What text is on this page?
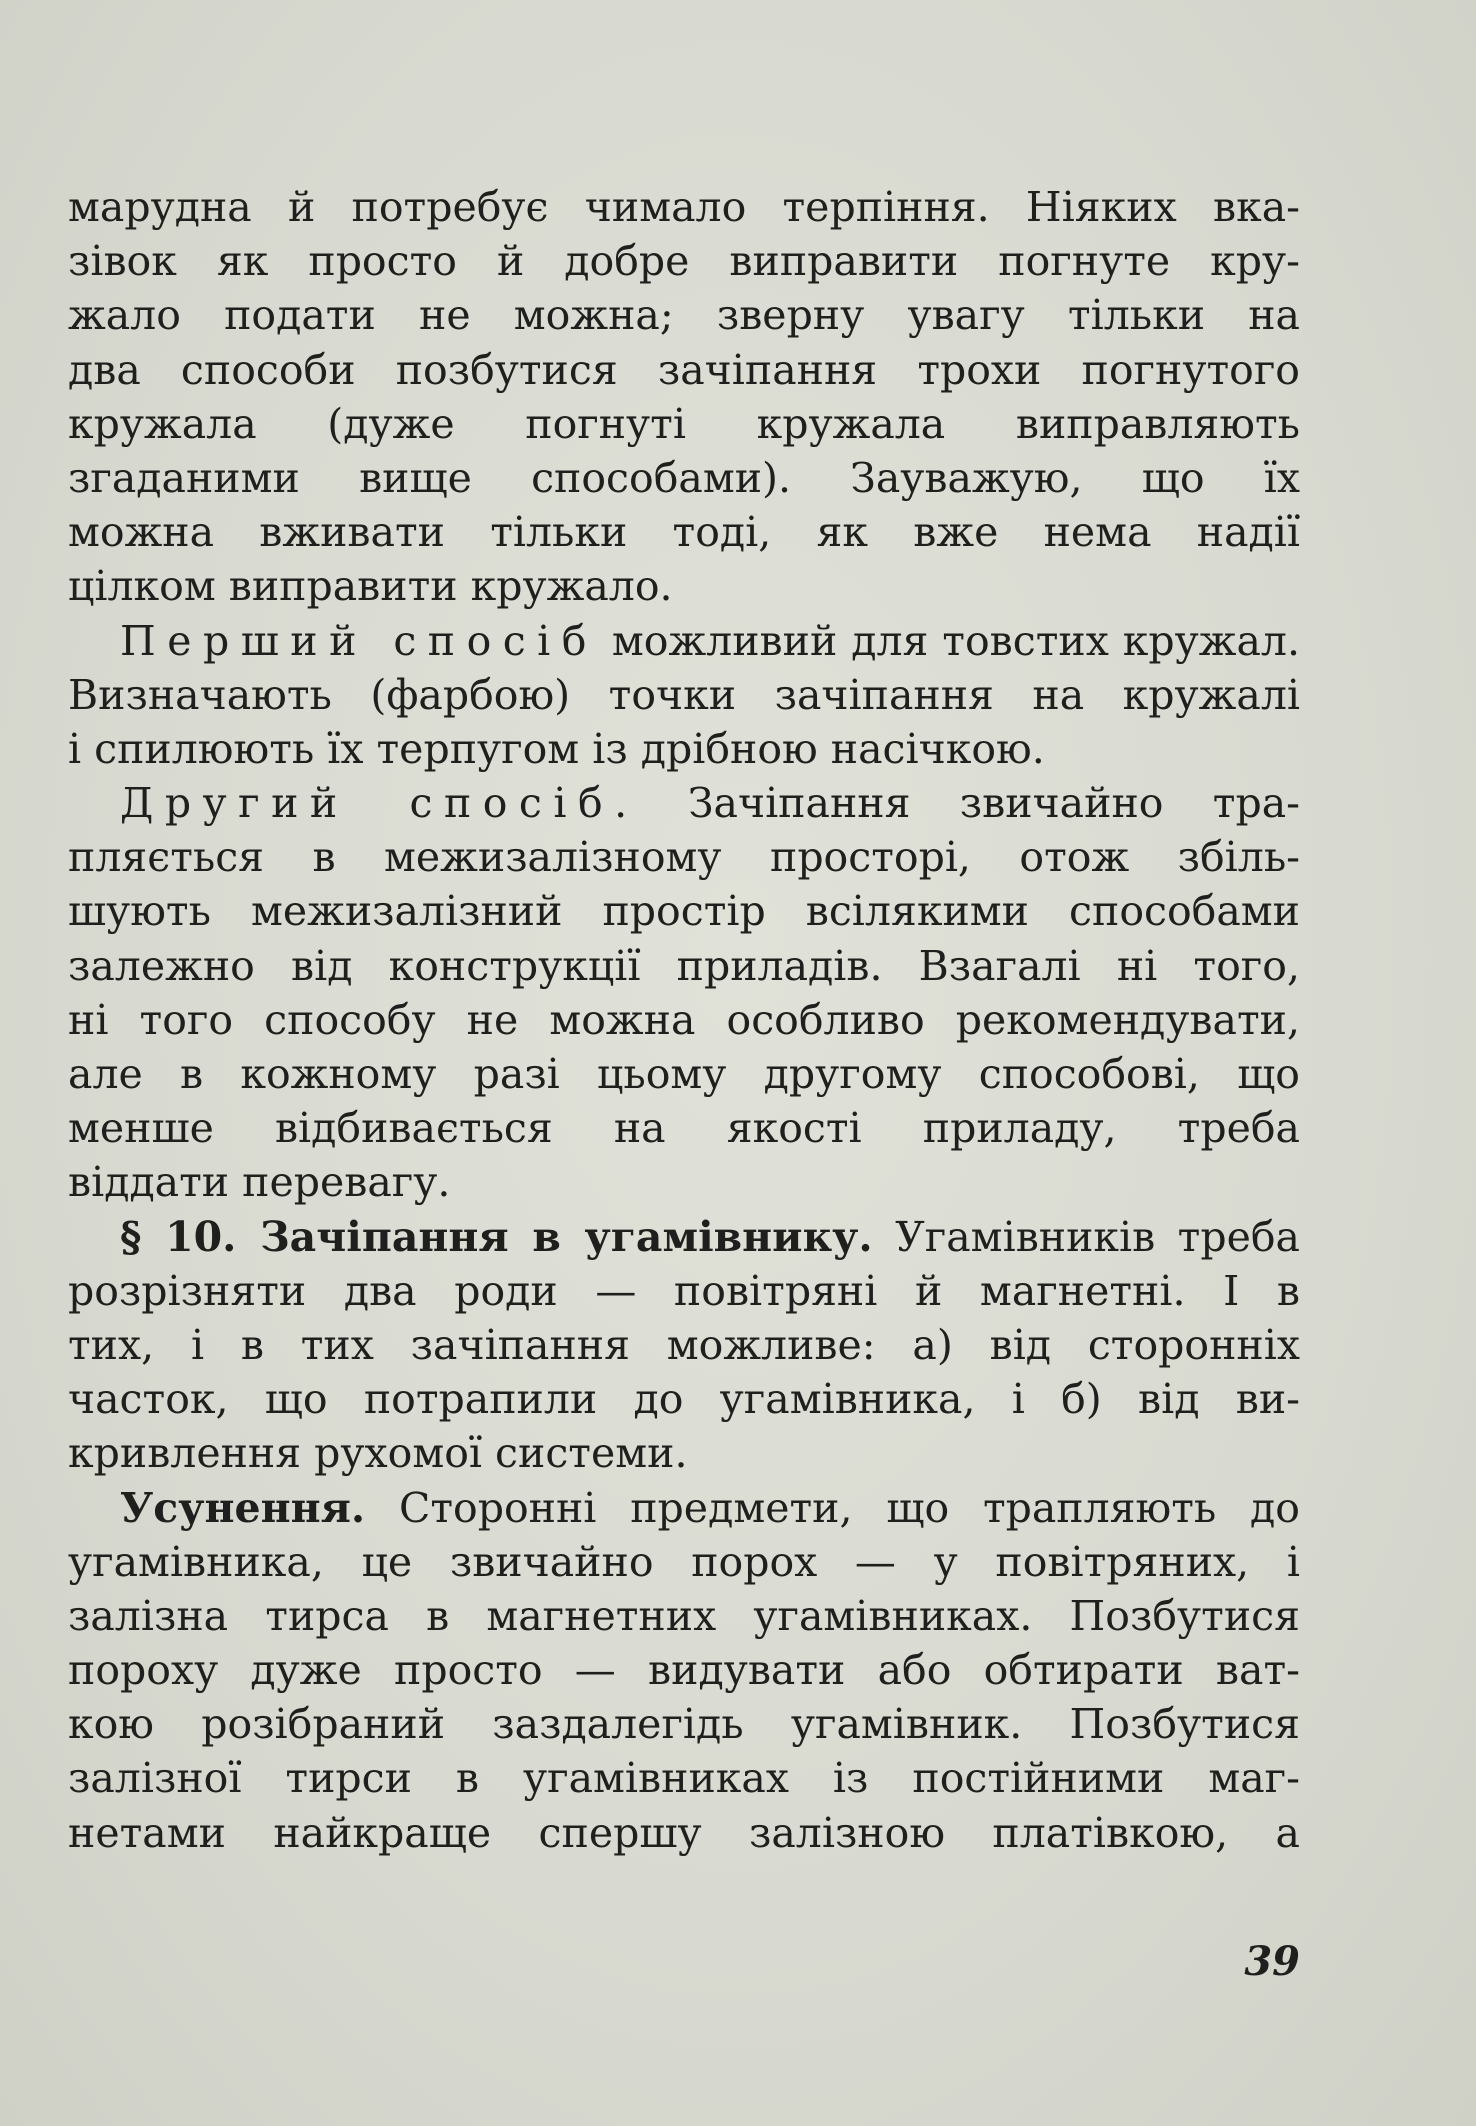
марудна й потребує чимало терпіння. Ніяких вка-
зівок як просто й добре виправити погнуте кру-
жало подати не можна; зверну увагу тільки на
два способи позбутися зачіпання трохи погнутого
кружала (дуже погнуті кружала виправляють
згаданими вище способами). Зауважую, що їх
можна вживати тільки тоді, як вже нема надії
цілком виправити кружало.
Перший спосіб можливий для товстих кружал.
Визначають (фарбою) точки зачіпання на кружалі
і спилюють їх терпугом із дрібною насічкою.
Другий спосіб. Зачіпання звичайно тра-
пляється в межизалізному просторі, отож збіль-
шують межизалізний простір всілякими способами
залежно від конструкції приладів. Взагалі ні того,
ні того способу не можна особливо рекомендувати,
але в кожному разі цьому другому способові, що
менше відбивається на якості приладу, треба
віддати перевагу.
§ 10. Зачіпання в угамівнику. Угамівників треба
розрізняти два роди — повітряні й магнетні. І в
тих, і в тих зачіпання можливе: а) від сторонніх
часток, що потрапили до угамівника, і б) від ви-
кривлення рухомої системи.
Усунення. Сторонні предмети, що трапляють до
угамівника, це звичайно порох — у повітряних, і
залізна тирса в магнетних угамівниках. Позбутися
пороху дуже просто — видувати або обтирати ват-
кою розібраний заздалегідь угамівник. Позбутися
залізної тирси в угамівниках із постійними маг-
нетами найкраще спершу залізною платівкою, а
39
